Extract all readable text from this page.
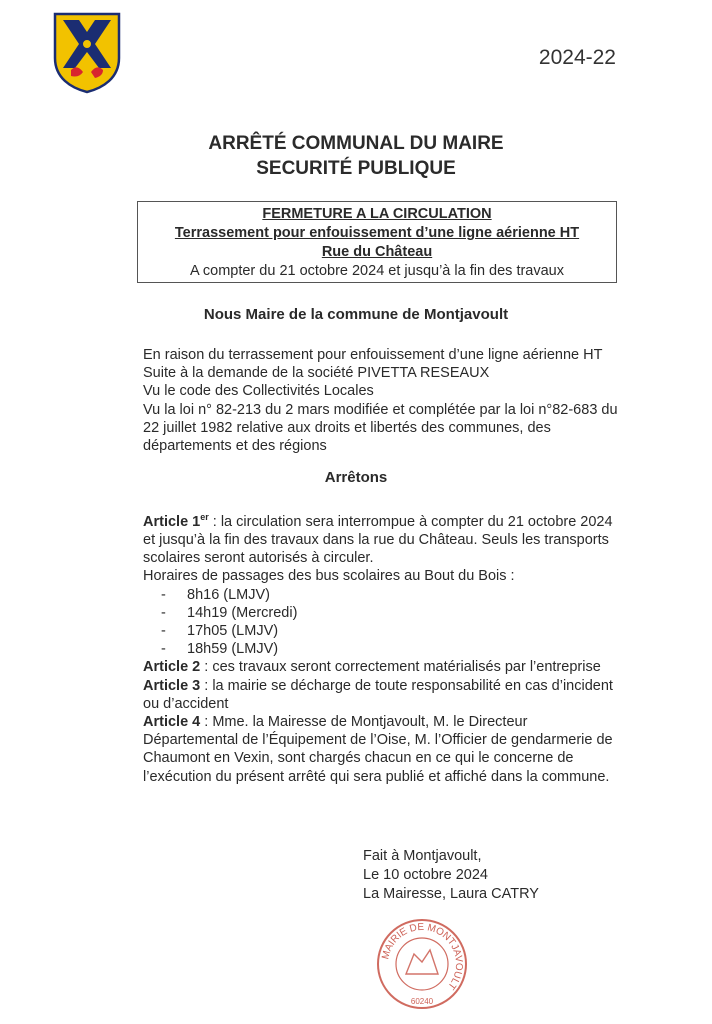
2024-22
ARRÊTÉ COMMUNAL DU MAIRE
SECURITÉ PUBLIQUE
FERMETURE A LA CIRCULATION
Terrassement pour enfouissement d’une ligne aérienne HT
Rue du Château
A compter du 21 octobre 2024 et jusqu’à la fin des travaux
Nous Maire de la commune de Montjavoult
En raison du terrassement pour enfouissement d’une ligne aérienne HT
Suite à la demande de la société PIVETTA RESEAUX
Vu le code des Collectivités Locales
Vu la loi n° 82-213 du 2 mars modifiée et complétée par la loi n°82-683 du
22 juillet 1982 relative aux droits et libertés des communes, des
départements et des régions
Arrêtons
Article 1er : la circulation sera interrompue à compter du 21 octobre 2024
et jusqu’à la fin des travaux dans la rue du Château. Seuls les transports
scolaires seront autorisés à circuler.
Horaires de passages des bus scolaires au Bout du Bois :
- 8h16 (LMJV)
- 14h19 (Mercredi)
- 17h05 (LMJV)
- 18h59 (LMJV)
Article 2 : ces travaux seront correctement matérialisés par l’entreprise
Article 3 : la mairie se décharge de toute responsabilité en cas d’incident
ou d’accident
Article 4 : Mme. la Mairesse de Montjavoult, M. le Directeur
Départemental de l’Équipement de l’Oise, M. l’Officier de gendarmerie de
Chaumont en Vexin, sont chargés chacun en ce qui le concerne de
l’exécution du présent arrêté qui sera publié et affiché dans la commune.
Fait à Montjavoult,
Le 10 octobre 2024
La Mairesse, Laura CATRY
MAIRIE DE MONTJAVOULT
60240
